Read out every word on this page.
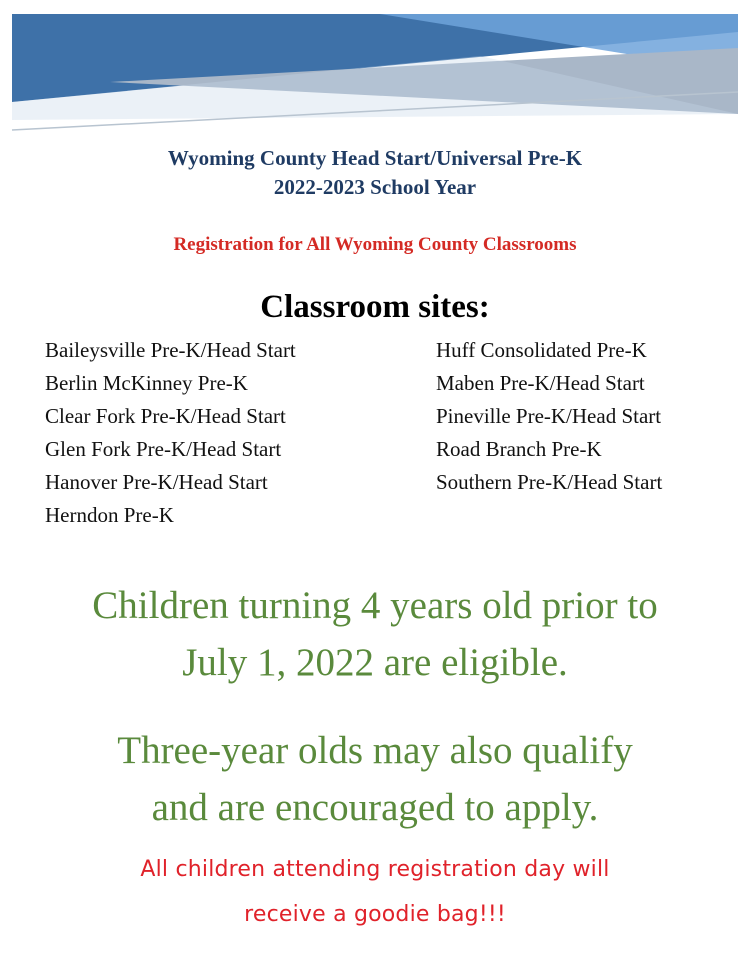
Wyoming County Head Start/Universal Pre-K
2022-2023 School Year
Registration for All Wyoming County Classrooms
Classroom sites:
Baileysville Pre-K/Head Start
Berlin McKinney Pre-K
Clear Fork Pre-K/Head Start
Glen Fork Pre-K/Head Start
Hanover Pre-K/Head Start
Herndon Pre-K
Huff Consolidated Pre-K
Maben Pre-K/Head Start
Pineville Pre-K/Head Start
Road Branch Pre-K
Southern Pre-K/Head Start
Children turning 4 years old prior to
July 1, 2022 are eligible.
Three-year olds may also qualify
and are encouraged to apply.
All children attending registration day will
receive a goodie bag!!!
